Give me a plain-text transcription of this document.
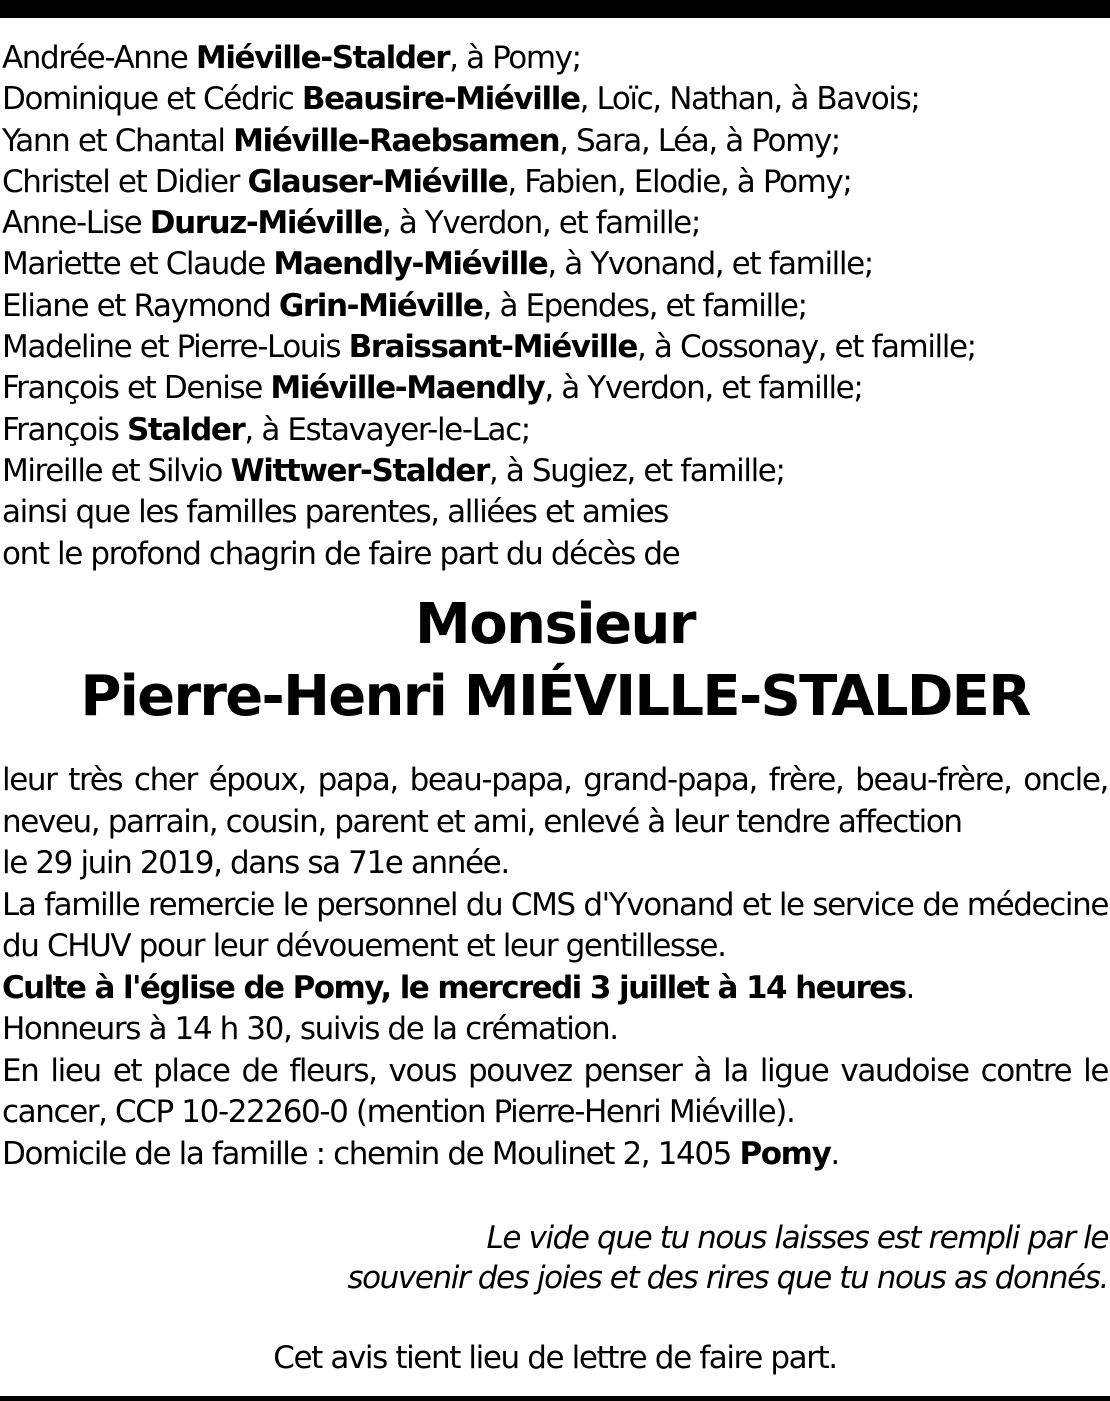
Andrée-Anne Miéville-Stalder, à Pomy;
Dominique et Cédric Beausire-Miéville, Loïc, Nathan, à Bavois;
Yann et Chantal Miéville-Raebsamen, Sara, Léa, à Pomy;
Christel et Didier Glauser-Miéville, Fabien, Elodie, à Pomy;
Anne-Lise Duruz-Miéville, à Yverdon, et famille;
Mariette et Claude Maendly-Miéville, à Yvonand, et famille;
Eliane et Raymond Grin-Miéville, à Ependes, et famille;
Madeline et Pierre-Louis Braissant-Miéville, à Cossonay, et famille;
François et Denise Miéville-Maendly, à Yverdon, et famille;
François Stalder, à Estavayer-le-Lac;
Mireille et Silvio Wittwer-Stalder, à Sugiez, et famille;
ainsi que les familles parentes, alliées et amies
ont le profond chagrin de faire part du décès de
Monsieur
Pierre-Henri MIÉVILLE-STALDER
leur très cher époux, papa, beau-papa, grand-papa, frère, beau-frère, oncle, neveu, parrain, cousin, parent et ami, enlevé à leur tendre affection
le 29 juin 2019, dans sa 71e année.
La famille remercie le personnel du CMS d'Yvonand et le service de médecine du CHUV pour leur dévouement et leur gentillesse.
Culte à l'église de Pomy, le mercredi 3 juillet à 14 heures.
Honneurs à 14 h 30, suivis de la crémation.
En lieu et place de fleurs, vous pouvez penser à la ligue vaudoise contre le cancer, CCP 10-22260-0 (mention Pierre-Henri Miéville).
Domicile de la famille : chemin de Moulinet 2, 1405 Pomy.
Le vide que tu nous laisses est rempli par le
souvenir des joies et des rires que tu nous as donnés.
Cet avis tient lieu de lettre de faire part.
